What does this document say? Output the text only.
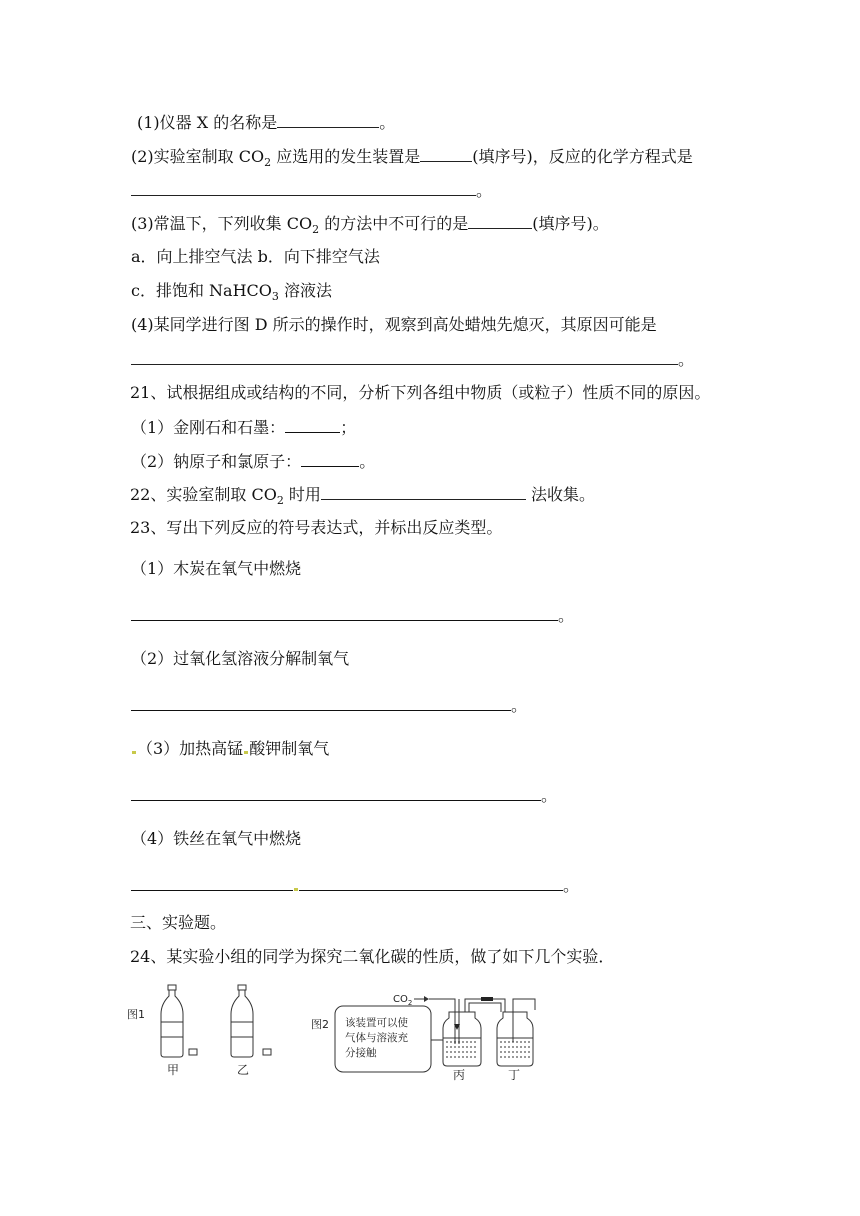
(1)仪器 X 的名称是	。
(2)实验室制取 $CO_2$ 应选用的发生装置是	(填序号)，反应的化学方程式是
。
(3)常温下，下列收集 $CO_2$ 的方法中不可行的是	(填序号)。
a．向上排空气法 b．向下排空气法
c．排饱和 NaHCO$_3$ 溶液法
(4)某同学进行图 D 所示的操作时，观察到高处蜡烛先熄灭，其原因可能是
。
21、试根据组成或结构的不同，分析下列各组中物质（或粒子）性质不同的原因。
（1）金刚石和石墨：	；
（2）钠原子和氯原子：	。
22、实验室制取 $CO_2$ 时用	法收集。
23、写出下列反应的符号表达式，并标出反应类型。
（1）木炭在氧气中燃烧
。
（2）过氧化氢溶液分解制氧气
。
（3）加热高锰 酸钾制氧气
。
（4）铁丝在氧气中燃烧
。
三、实验题。
24、某实验小组的同学为探究二氧化碳的性质，做了如下几个实验．
图1
甲	乙
图2 该装置可以使
气体与溶液充
分接触
$CO_2$
丙	丁
